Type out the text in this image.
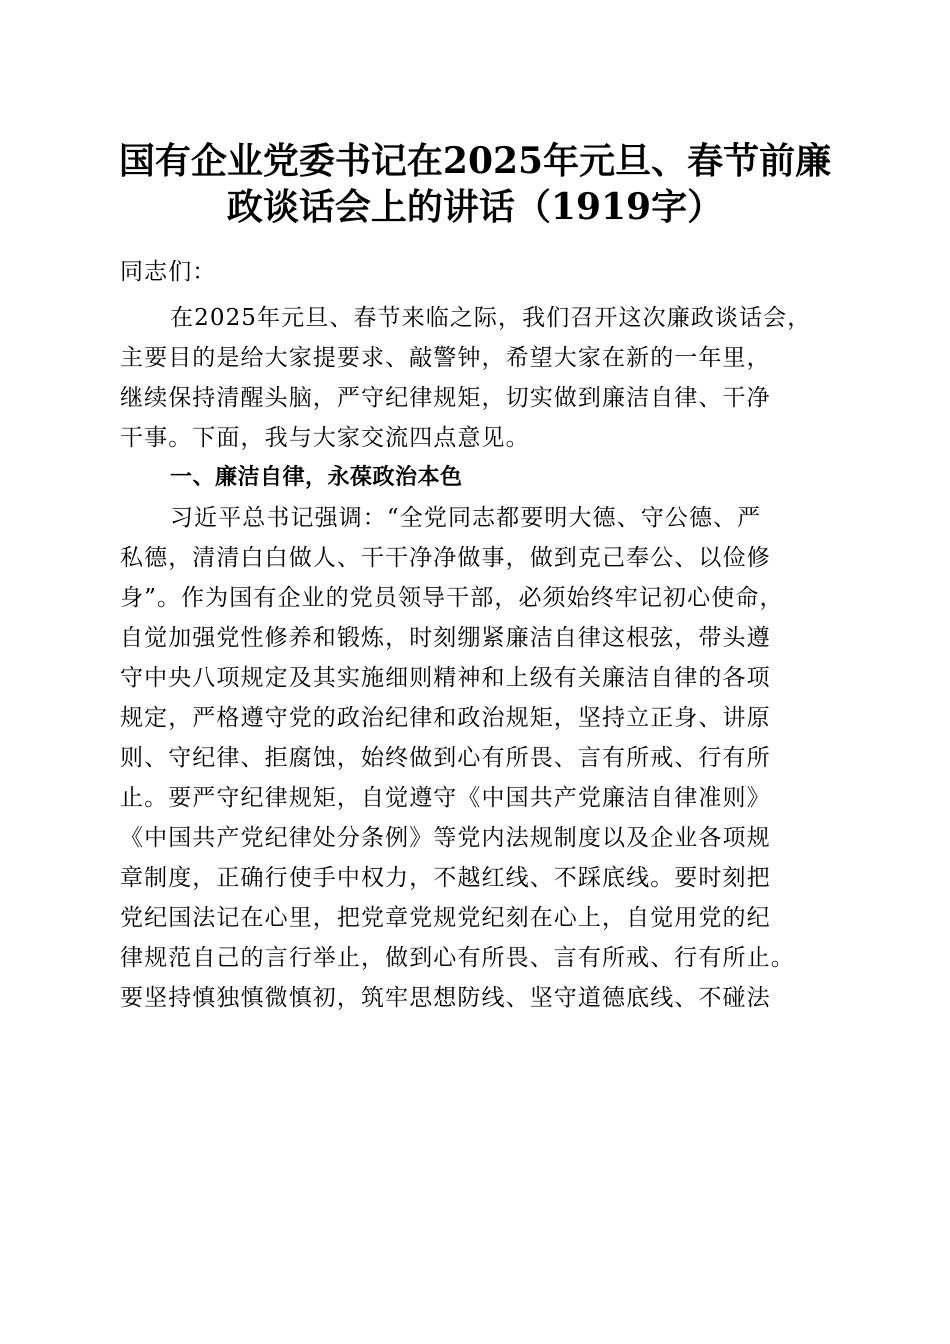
国有企业党委书记在2025年元旦、春节前廉
政谈话会上的讲话（1919字）
同志们：
在2025年元旦、春节来临之际，我们召开这次廉政谈话会，
主要目的是给大家提要求、敲警钟，希望大家在新的一年里，
继续保持清醒头脑，严守纪律规矩，切实做到廉洁自律、干净
干事。下面，我与大家交流四点意见。
一、廉洁自律，永葆政治本色
习近平总书记强调：“全党同志都要明大德、守公德、严
私德，清清白白做人、干干净净做事，做到克己奉公、以俭修
身”。作为国有企业的党员领导干部，必须始终牢记初心使命，
自觉加强党性修养和锻炼，时刻绷紧廉洁自律这根弦，带头遵
守中央八项规定及其实施细则精神和上级有关廉洁自律的各项
规定，严格遵守党的政治纪律和政治规矩，坚持立正身、讲原
则、守纪律、拒腐蚀，始终做到心有所畏、言有所戒、行有所
止。要严守纪律规矩，自觉遵守《中国共产党廉洁自律准则》
《中国共产党纪律处分条例》等党内法规制度以及企业各项规
章制度，正确行使手中权力，不越红线、不踩底线。要时刻把
党纪国法记在心里，把党章党规党纪刻在心上，自觉用党的纪
律规范自己的言行举止，做到心有所畏、言有所戒、行有所止。
要坚持慎独慎微慎初，筑牢思想防线、坚守道德底线、不碰法
